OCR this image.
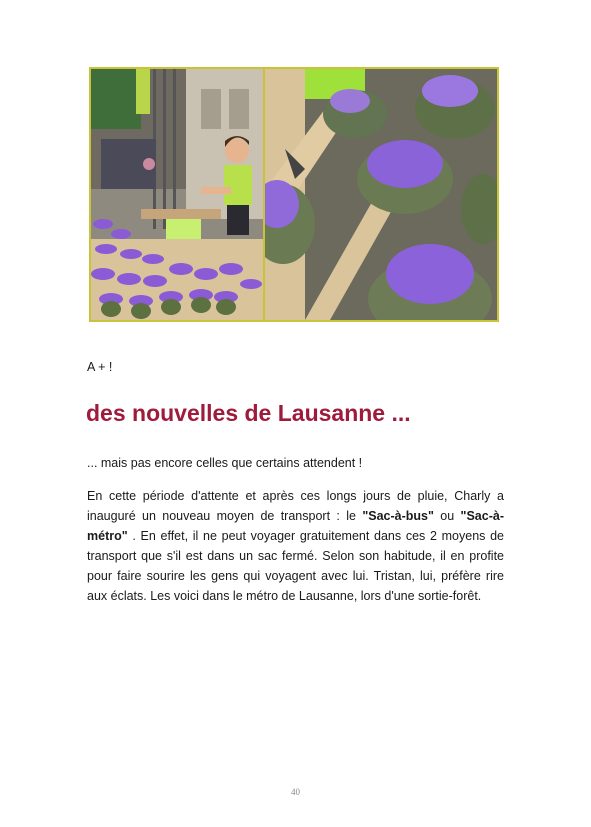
A + !
des nouvelles de Lausanne ...
... mais pas encore celles que certains attendent !
En cette période d'attente et après ces longs jours de pluie, Charly a inauguré un nouveau moyen de transport : le "Sac-à-bus" ou "Sac-à-métro" . En effet, il ne peut voyager gratuitement dans ces 2 moyens de transport que s'il est dans un sac fermé. Selon son habitude, il en profite pour faire sourire les gens qui voyagent avec lui. Tristan, lui, préfère rire aux éclats. Les voici dans le métro de Lausanne, lors d'une sortie-forêt.
40
